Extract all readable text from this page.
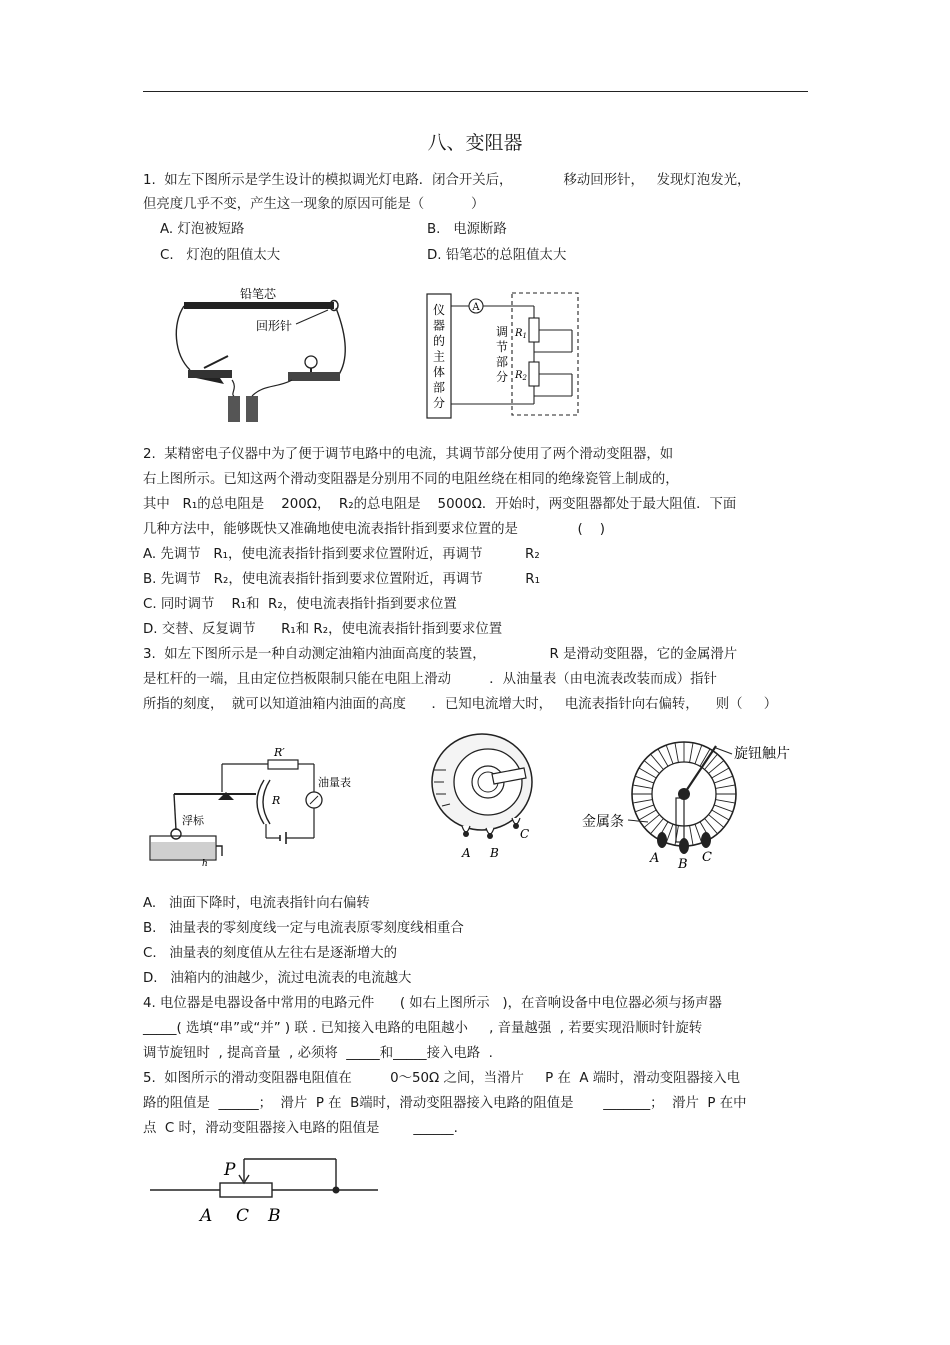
八、变阻器
1.  如左下图所示是学生设计的模拟调光灯电路．闭合开关后，            移动回形针，   发现灯泡发光，
但亮度几乎不变，产生这一现象的原因可能是（           ）
A. 灯泡被短路	B.   电源断路
C.   灯泡的阻值太大	D. 铅笔芯的总阻值太大
铅笔芯
回形针
仪
器
的
主
体
部
分
调
节
部
分
A
$R_1$
$R_2$
2.  某精密电子仪器中为了便于调节电路中的电流，其调节部分使用了两个滑动变阻器，如
右上图所示。已知这两个滑动变阻器是分别用不同的电阻丝绕在相同的绝缘瓷管上制成的，
其中   R₁的总电阻是    200Ω，  R₂的总电阻是    5000Ω．开始时，两变阻器都处于最大阻值．下面
几种方法中，能够既快又准确地使电流表指针指到要求位置的是              (    )
A. 先调节   R₁，使电流表指针指到要求位置附近，再调节          R₂
B. 先调节   R₂，使电流表指针指到要求位置附近，再调节          R₁
C. 同时调节    R₁和  R₂，使电流表指针指到要求位置
D. 交替、反复调节      R₁和 R₂，使电流表指针指到要求位置
3.  如左下图所示是一种自动测定油箱内油面高度的装置，               R 是滑动变阻器，它的金属滑片
是杠杆的一端，且由定位挡板限制只能在电阻上滑动         ．从油量表（由电流表改装而成）指针
所指的刻度，  就可以知道油箱内油面的高度      ．已知电流增大时，   电流表指针向右偏转，    则（     ）
R′
R
油量表
浮标
h
A B
C
旋钮触片
金属条
A B C
A.   油面下降时，电流表指针向右偏转
B.   油量表的零刻度线一定与电流表原零刻度线相重合
C.   油量表的刻度值从左往右是逐渐增大的
D.   油箱内的油越少，流过电流表的电流越大
4. 电位器是电器设备中常用的电路元件      ( 如右上图所示   )，在音响设备中电位器必须与扬声器
_____( 选填“串”或“并” ) 联 . 已知接入电路的电阻越小     , 音量越强  , 若要实现沿顺时针旋转
调节旋钮时  , 提高音量  , 必须将  _____和_____接入电路  .
5.  如图所示的滑动变阻器电阻值在         0～50Ω 之间，当滑片     P 在  A 端时，滑动变阻器接入电
路的阻值是  ______；  滑片  P 在  B端时，滑动变阻器接入电路的阻值是       _______；  滑片  P 在中
点  C 时，滑动变阻器接入电路的阻值是        ______.
P
A C B
